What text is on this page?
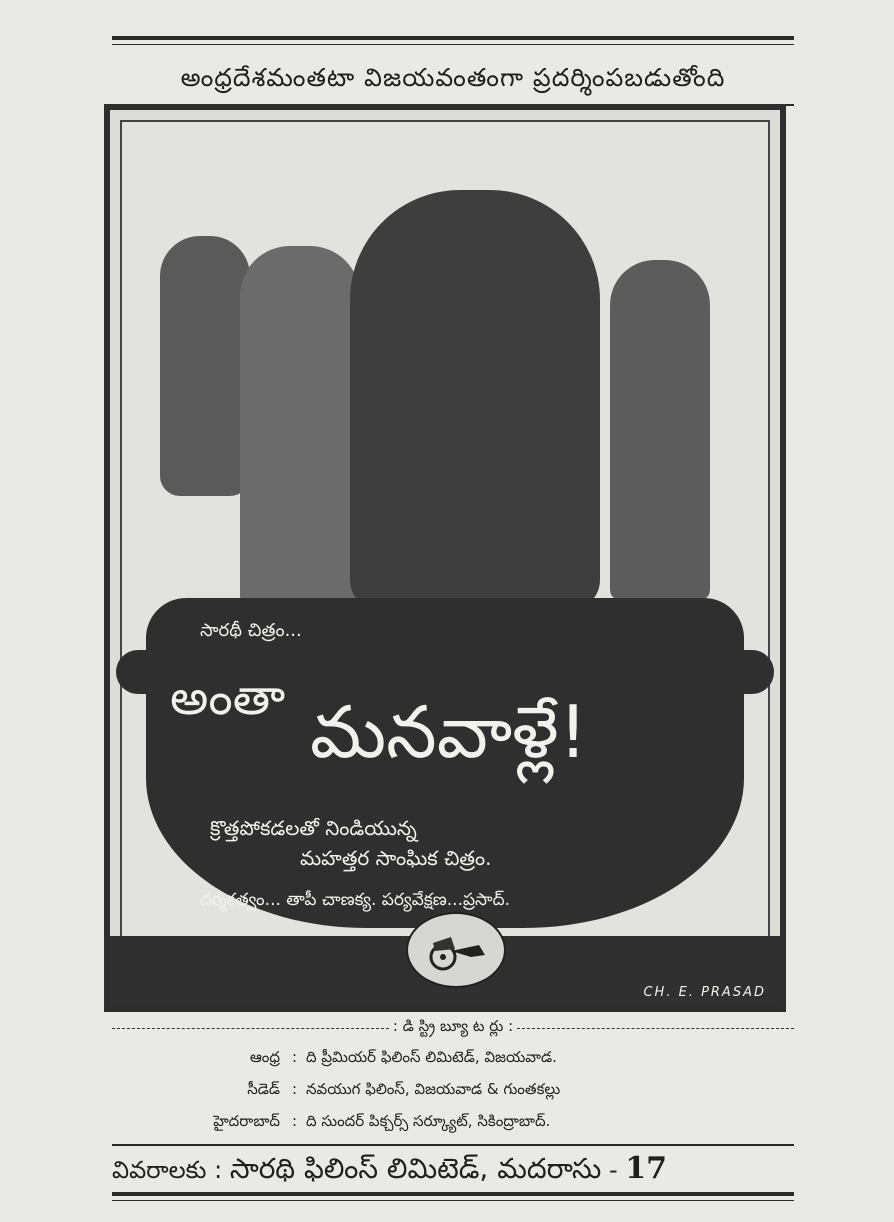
అంధ్రదేశమంతటా విజయవంతంగా ప్రదర్శింపబడుతోంది
సారథీ చిత్రం...
అంతా మనవాళ్లే!
క్రొత్తపోకడలతో నిండియున్న
మహత్తర సాంఘిక చిత్రం.
దర్శకత్వం... తాపీ చాణక్య. పర్యవేక్షణ...ప్రసాద్.
CH. E. PRASAD
: డి స్ట్రి బ్యూ ట ర్లు :
ఆంధ్ర : ది ప్రీమియర్ ఫిలింస్ లిమిటెడ్, విజయవాడ.
సీడెడ్ : నవయుగ ఫిలింస్, విజయవాడ & గుంతకల్లు
హైదరాబాద్ : ది సుందర్ పిక్చర్స్ సర్క్యూట్, సికింద్రాబాద్.
వివరాలకు : సారథి ఫిలింస్ లిమిటెడ్, మదరాసు - 17
